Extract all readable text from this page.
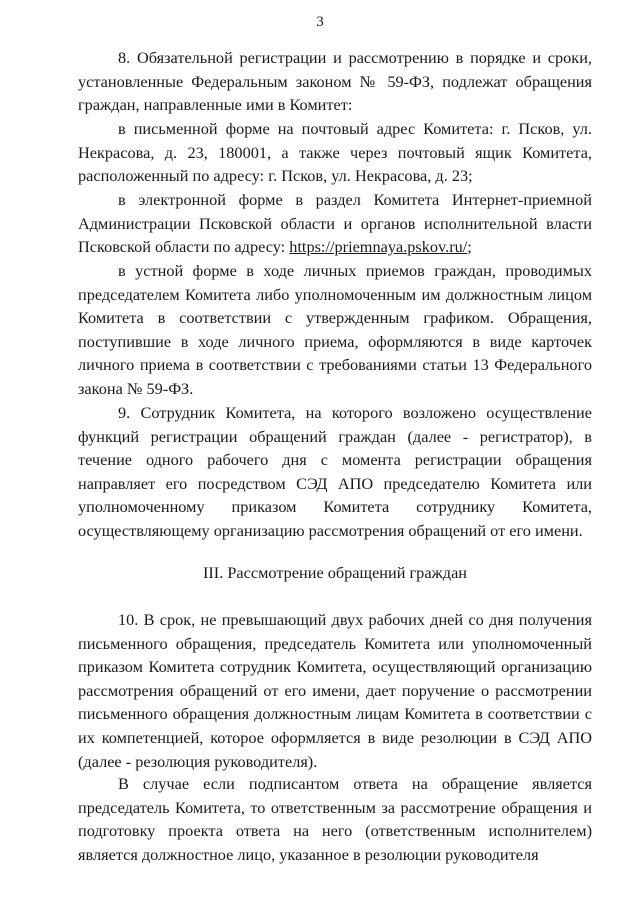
3

8. Обязательной регистрации и рассмотрению в порядке и сроки, установленные Федеральным законом № 59-ФЗ, подлежат обращения граждан, направленные ими в Комитет:

в письменной форме на почтовый адрес Комитета: г. Псков, ул. Некрасова, д. 23, 180001, а также через почтовый ящик Комитета, расположенный по адресу: г. Псков, ул. Некрасова, д. 23;

в электронной форме в раздел Комитета Интернет-приемной Администрации Псковской области и органов исполнительной власти Псковской области по адресу: https://priemnaya.pskov.ru/;

в устной форме в ходе личных приемов граждан, проводимых председателем Комитета либо уполномоченным им должностным лицом Комитета в соответствии с утвержденным графиком. Обращения, поступившие в ходе личного приема, оформляются в виде карточек личного приема в соответствии с требованиями статьи 13 Федерального закона № 59-ФЗ.

9. Сотрудник Комитета, на которого возложено осуществление функций регистрации обращений граждан (далее - регистратор), в течение одного рабочего дня с момента регистрации обращения направляет его посредством СЭД АПО председателю Комитета или уполномоченному приказом Комитета сотруднику Комитета, осуществляющему организацию рассмотрения обращений от его имени.

III. Рассмотрение обращений граждан

10. В срок, не превышающий двух рабочих дней со дня получения письменного обращения, председатель Комитета или уполномоченный приказом Комитета сотрудник Комитета, осуществляющий организацию рассмотрения обращений от его имени, дает поручение о рассмотрении письменного обращения должностным лицам Комитета в соответствии с их компетенцией, которое оформляется в виде резолюции в СЭД АПО (далее - резолюция руководителя).

В случае если подписантом ответа на обращение является председатель Комитета, то ответственным за рассмотрение обращения и подготовку проекта ответа на него (ответственным исполнителем) является должностное лицо, указанное в резолюции руководителя
